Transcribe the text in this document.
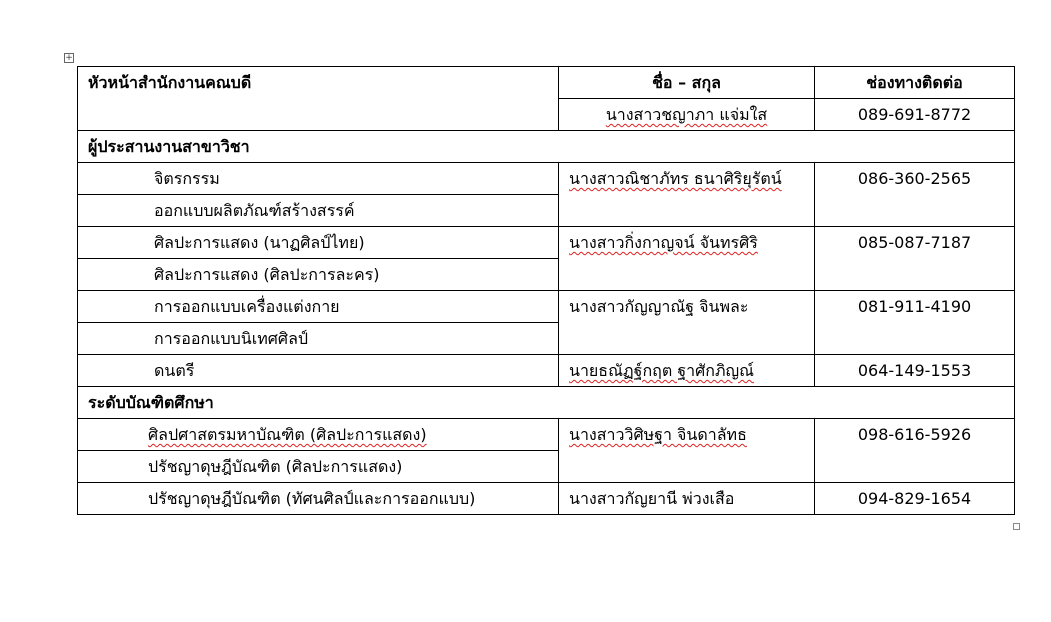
+
หัวหน้าสำนักงานคณบดี	ชื่อ – สกุล	ช่องทางติดต่อ
	นางสาวชญาภา แจ่มใส	089-691-8772
ผู้ประสานงานสาขาวิชา		
จิตรกรรม	นางสาวณิชาภัทร ธนาศิริยุรัตน์	086-360-2565
ออกแบบผลิตภัณฑ์สร้างสรรค์		
ศิลปะการแสดง (นาฏศิลป์ไทย)	นางสาวกิ่งกาญจน์ จันทรศิริ	085-087-7187
ศิลปะการแสดง (ศิลปะการละคร)		
การออกแบบเครื่องแต่งกาย	นางสาวกัญญาณัฐ จินพละ	081-911-4190
การออกแบบนิเทศศิลป์		
ดนตรี	นายธณัฏฐ์กฤต ฐาศักภิญณ์	064-149-1553
ระดับบัณฑิตศึกษา		
ศิลปศาสตรมหาบัณฑิต (ศิลปะการแสดง)	นางสาววิศิษฐา จินดาลัทธ	098-616-5926
ปรัชญาดุษฎีบัณฑิต (ศิลปะการแสดง)		
ปรัชญาดุษฎีบัณฑิต (ทัศนศิลป์และการออกแบบ)	นางสาวกัญยานี พ่วงเสือ	094-829-1654
